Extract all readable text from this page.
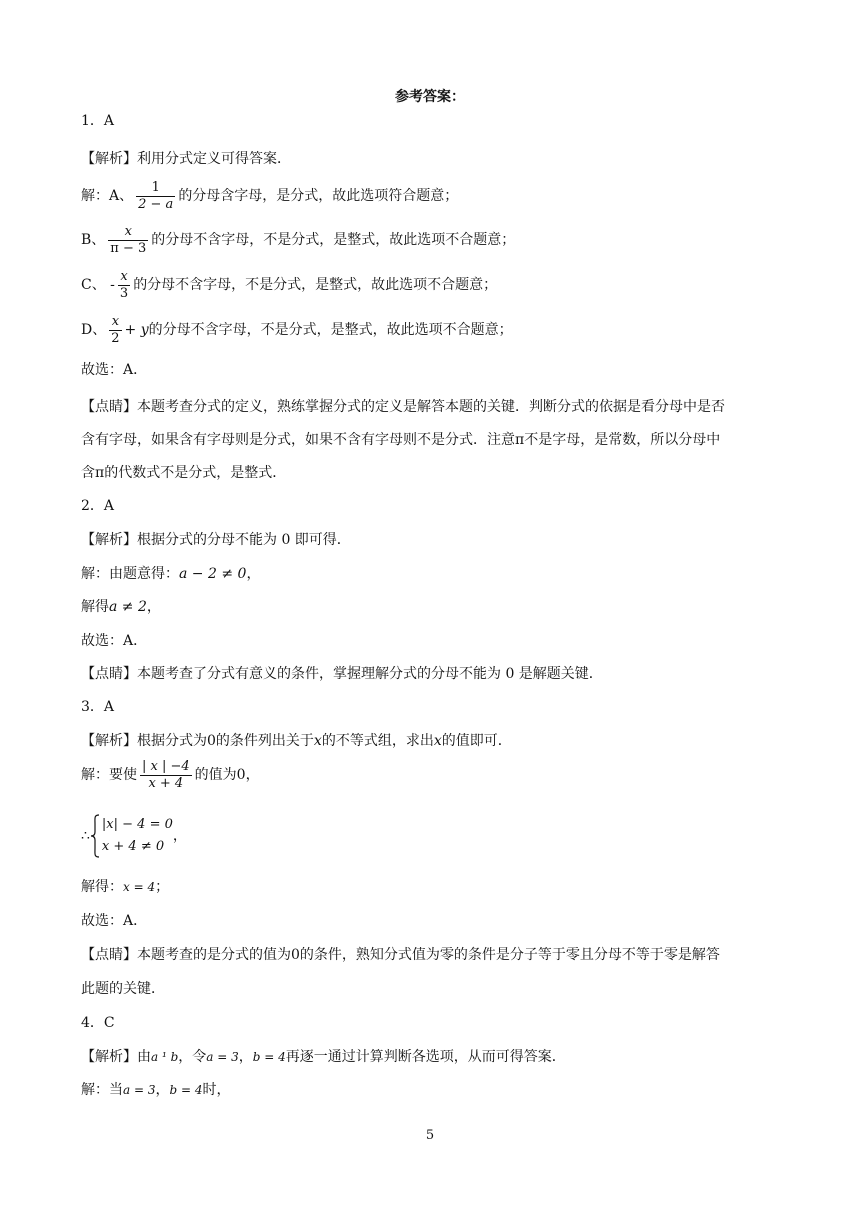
参考答案：
1．A
【解析】利用分式定义可得答案．
解：A、 $\frac{1}{2 - a}$ 的分母含字母，是分式，故此选项符合题意；
B、 $\frac{x}{\pi - 3}$ 的分母不含字母，不是分式，是整式，故此选项不合题意；
C、 - $\frac{x}{3}$ 的分母不含字母，不是分式，是整式，故此选项不合题意；
D、 $\frac{x}{2} + y$的分母不含字母，不是分式，是整式，故此选项不合题意；
故选：A．
【点睛】本题考查分式的定义，熟练掌握分式的定义是解答本题的关键．判断分式的依据是看分母中是否
含有字母，如果含有字母则是分式，如果不含有字母则不是分式．注意π不是字母，是常数，所以分母中
含π的代数式不是分式，是整式．
2．A
【解析】根据分式的分母不能为 0 即可得．
解：由题意得：a − 2 ≠ 0，
解得a ≠ 2，
故选：A．
【点睛】本题考查了分式有意义的条件，掌握理解分式的分母不能为 0 是解题关键．
3．A
【解析】根据分式为0的条件列出关于x的不等式组，求出x的值即可．
解：要使 $\frac{| x | -4}{x + 4}$ 的值为0，
∴
|x| − 4 = 0
x + 4 ≠ 0
，
解得：x = 4；
故选：A．
【点睛】本题考查的是分式的值为0的条件，熟知分式值为零的条件是分子等于零且分母不等于零是解答
此题的关键．
4．C
【解析】由a ¹ b，令a = 3，b = 4再逐一通过计算判断各选项，从而可得答案．
解：当a = 3，b = 4时，
5
